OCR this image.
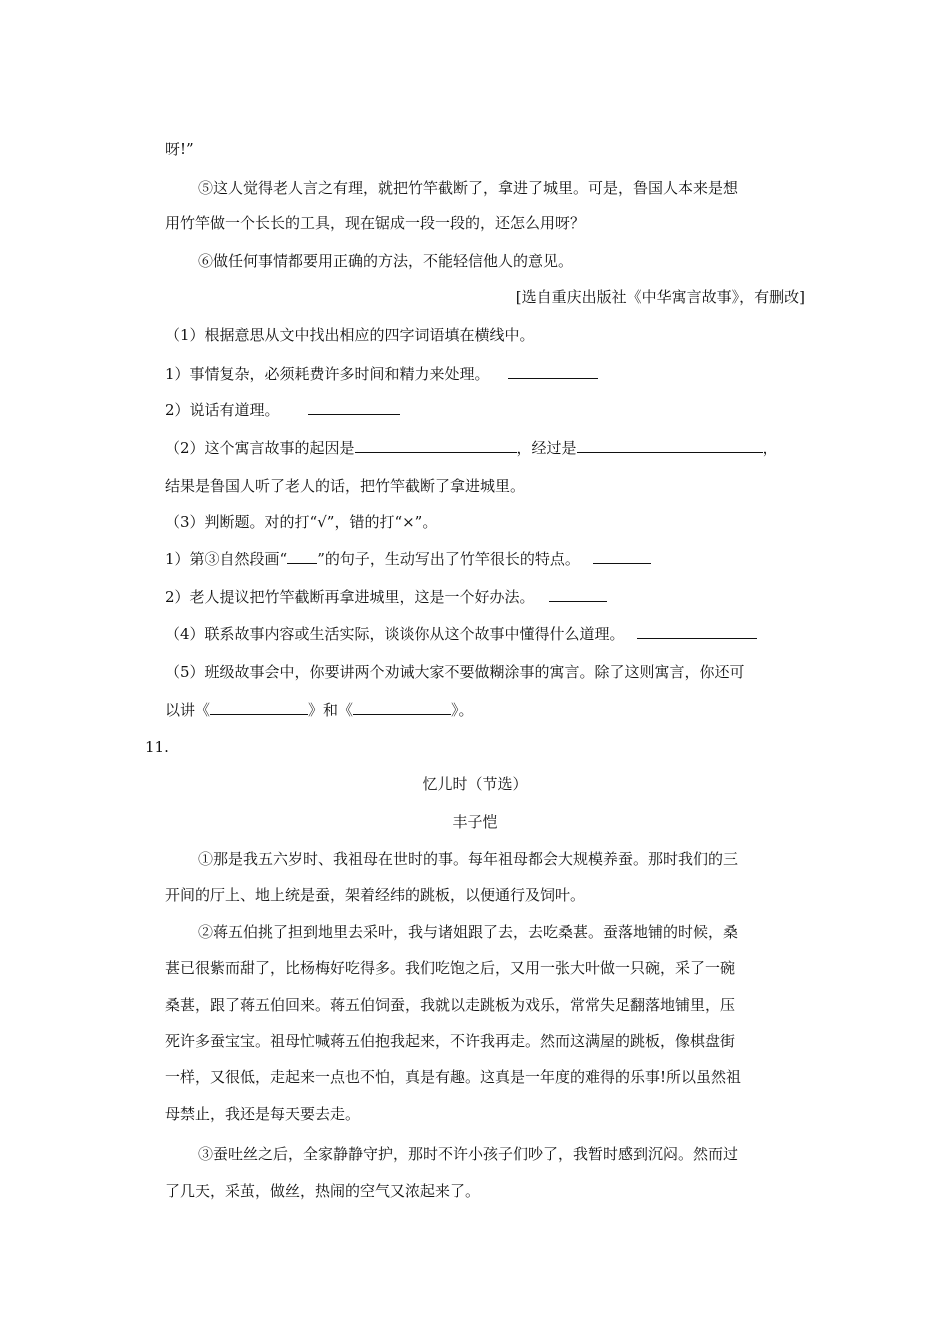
呀!”
⑤这人觉得老人言之有理，就把竹竿截断了，拿进了城里。可是，鲁国人本来是想
用竹竿做一个长长的工具，现在锯成一段一段的，还怎么用呀？
⑥做任何事情都要用正确的方法，不能轻信他人的意见。
[选自重庆出版社《中华寓言故事》，有删改]
（1）根据意思从文中找出相应的四字词语填在横线中。
1）事情复杂，必须耗费许多时间和精力来处理。
2）说话有道理。
（2）这个寓言故事的起因是	，经过是	，
结果是鲁国人听了老人的话，把竹竿截断了拿进城里。
（3）判断题。对的打“√”，错的打“×”。
1）第③自然段画“ ”的句子，生动写出了竹竿很长的特点。
2）老人提议把竹竿截断再拿进城里，这是一个好办法。
（4）联系故事内容或生活实际，谈谈你从这个故事中懂得什么道理。
（5）班级故事会中，你要讲两个劝诫大家不要做糊涂事的寓言。除了这则寓言，你还可
以讲《	》和《	》。
11.
忆儿时（节选）
丰子恺
①那是我五六岁时、我祖母在世时的事。每年祖母都会大规模养蚕。那时我们的三
开间的厅上、地上统是蚕，架着经纬的跳板，以便通行及饲叶。
②蒋五伯挑了担到地里去采叶，我与诸姐跟了去，去吃桑葚。蚕落地铺的时候，桑
葚已很紫而甜了，比杨梅好吃得多。我们吃饱之后，又用一张大叶做一只碗，采了一碗
桑葚，跟了蒋五伯回来。蒋五伯饲蚕，我就以走跳板为戏乐，常常失足翻落地铺里，压
死许多蚕宝宝。祖母忙喊蒋五伯抱我起来，不许我再走。然而这满屋的跳板，像棋盘街
一样，又很低，走起来一点也不怕，真是有趣。这真是一年度的难得的乐事!所以虽然祖
母禁止，我还是每天要去走。
③蚕吐丝之后，全家静静守护，那时不许小孩子们吵了，我暂时感到沉闷。然而过
了几天，采茧，做丝，热闹的空气又浓起来了。
